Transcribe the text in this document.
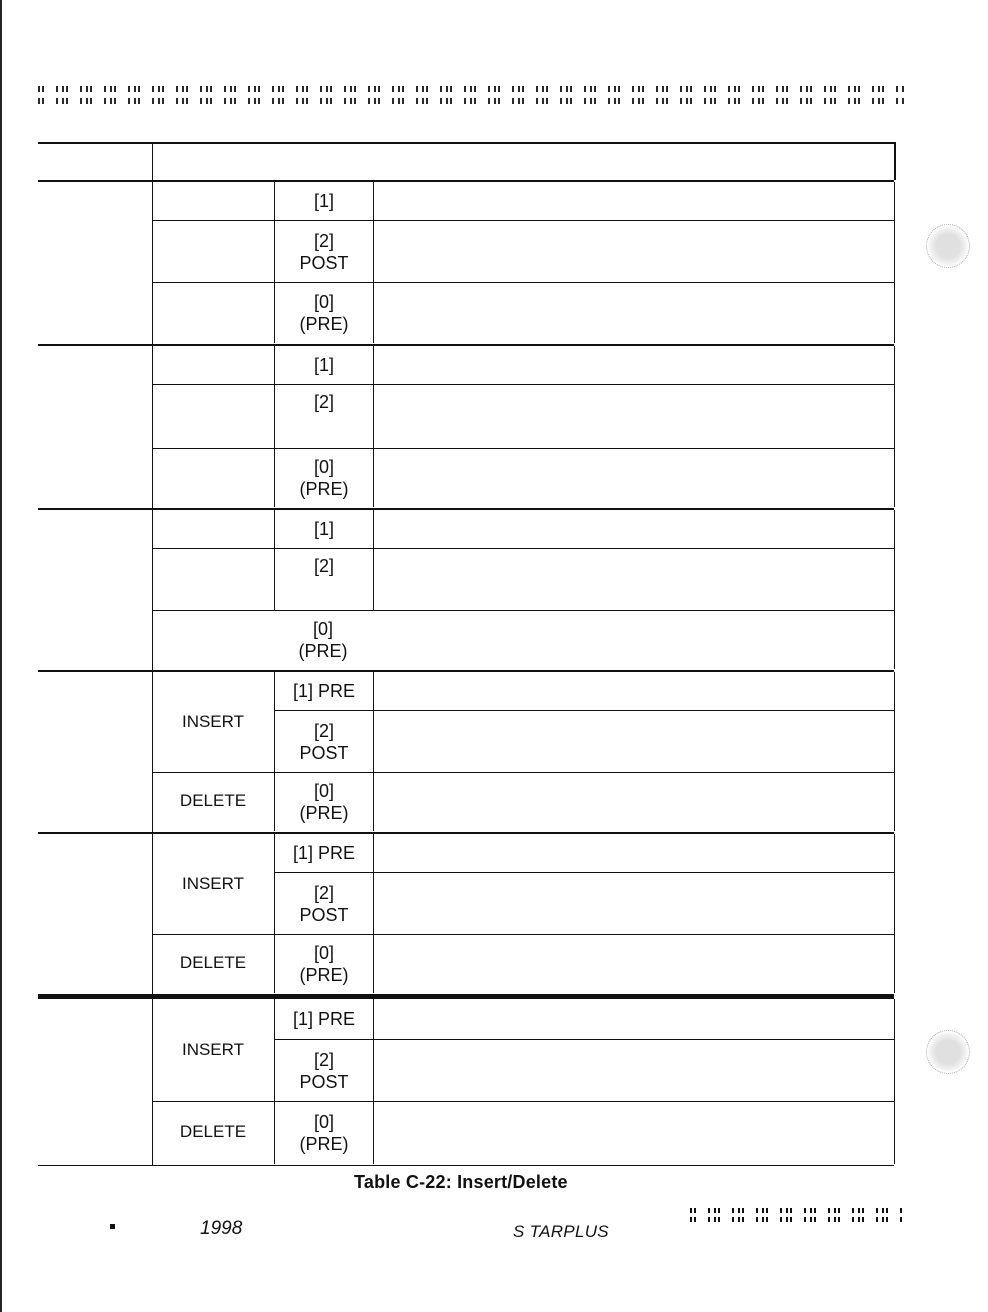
[1]
[2]
POST
[0]
(PRE)
[1]
[2]
[0]
(PRE)
[1]
[2]
[0]
(PRE)
INSERT
DELETE
[1] PRE
[2]
POST
[0]
(PRE)
INSERT
DELETE
[1] PRE
[2]
POST
[0]
(PRE)
INSERT
DELETE
[1] PRE
[2]
POST
[0]
(PRE)
Table C-22: Insert/Delete
1998	S TARPLUS
